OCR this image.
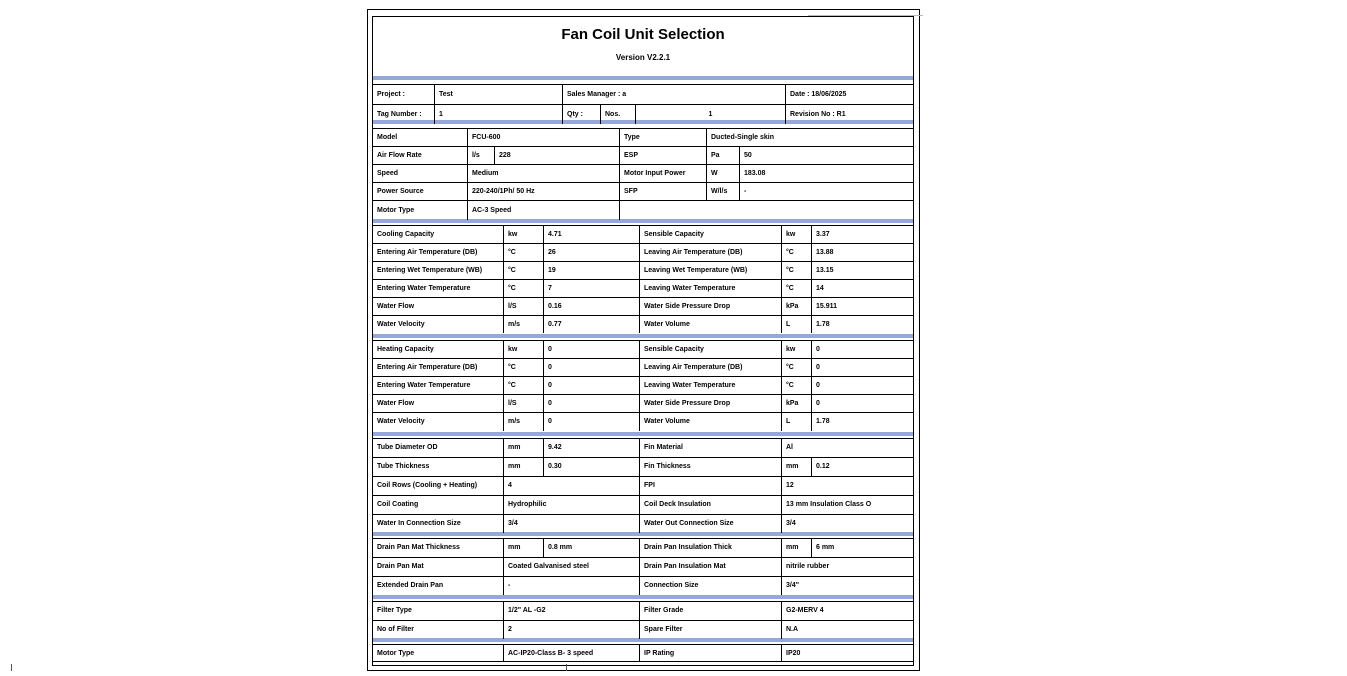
Fan Coil Unit Selection
Version V2.2.1
Project :	Test	Sales Manager : a	Date : 18/06/2025
Tag Number :	1	Qty :	Nos.	1	Revision No : R1
Model	FCU-600	Type	Ducted-Single skin
Air Flow Rate	l/s	228	ESP	Pa	50
Speed	Medium	Motor Input Power	W	183.08
Power Source	220-240/1Ph/ 50 Hz	SFP	W/l/s	-
Motor Type	AC-3 Speed
Cooling Capacity	kw	4.71	Sensible Capacity	kw	3.37
Entering Air Temperature (DB)	°C	26	Leaving Air Temperature (DB)	°C	13.88
Entering Wet Temperature (WB)	°C	19	Leaving Wet Temperature (WB)	°C	13.15
Entering Water Temperature	°C	7	Leaving Water Temperature	°C	14
Water Flow	l/S	0.16	Water Side Pressure Drop	kPa	15.911
Water Velocity	m/s	0.77	Water Volume	L	1.78
Heating Capacity	kw	0	Sensible Capacity	kw	0
Entering Air Temperature (DB)	°C	0	Leaving Air Temperature (DB)	°C	0
Entering Water Temperature	°C	0	Leaving Water Temperature	°C	0
Water Flow	l/S	0	Water Side Pressure Drop	kPa	0
Water Velocity	m/s	0	Water Volume	L	1.78
Tube Diameter OD	mm	9.42	Fin Material	Al
Tube Thickness	mm	0.30	Fin Thickness	mm	0.12
Coil Rows (Cooling + Heating)	4	FPI	12
Coil Coating	Hydrophilic	Coil Deck Insulation	13 mm Insulation Class O
Water In Connection Size	3/4	Water Out Connection Size	3/4
Drain Pan Mat Thickness	mm	0.8 mm	Drain Pan Insulation Thick	mm	6 mm
Drain Pan Mat	Coated Galvanised steel	Drain Pan Insulation Mat	nitrile rubber
Extended Drain Pan	-	Connection Size	3/4"
Filter Type	1/2" AL -G2	Filter Grade	G2-MERV 4
No of Filter	2	Spare Filter	N.A
Motor Type	AC-IP20-Class B- 3 speed	IP Rating	IP20
